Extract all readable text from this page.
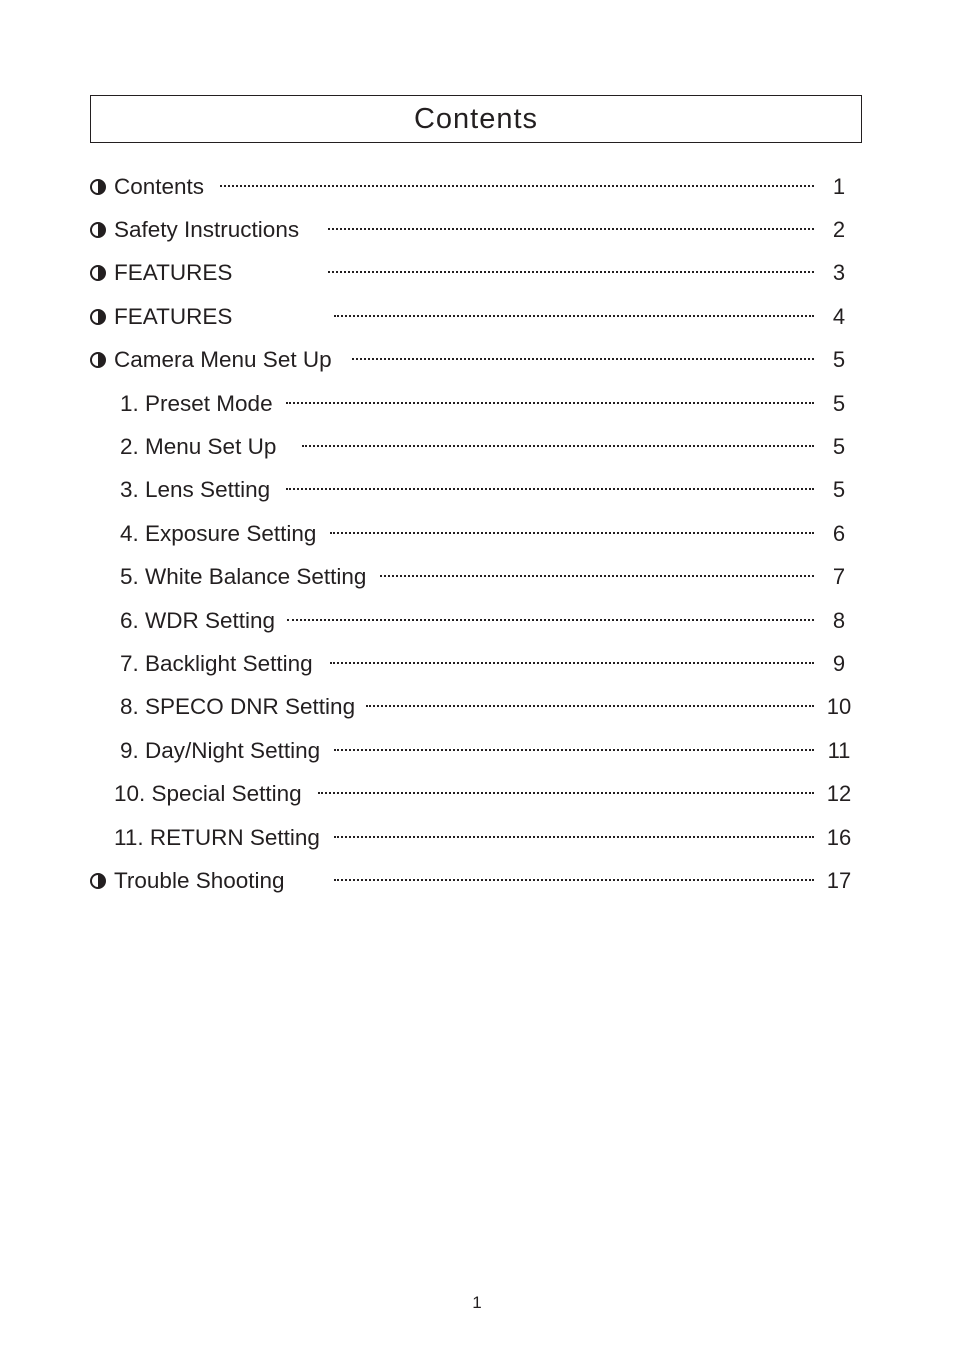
Contents
Contents	1
Safety Instructions	2
FEATURES	3
FEATURES	4
Camera Menu Set Up	5
1. Preset Mode	5
2. Menu Set Up	5
3. Lens Setting	5
4. Exposure Setting	6
5. White Balance Setting	7
6. WDR Setting	8
7. Backlight Setting	9
8. SPECO DNR Setting	10
9. Day/Night Setting	11
10. Special Setting	12
11. RETURN Setting	16
Trouble Shooting	17
1
